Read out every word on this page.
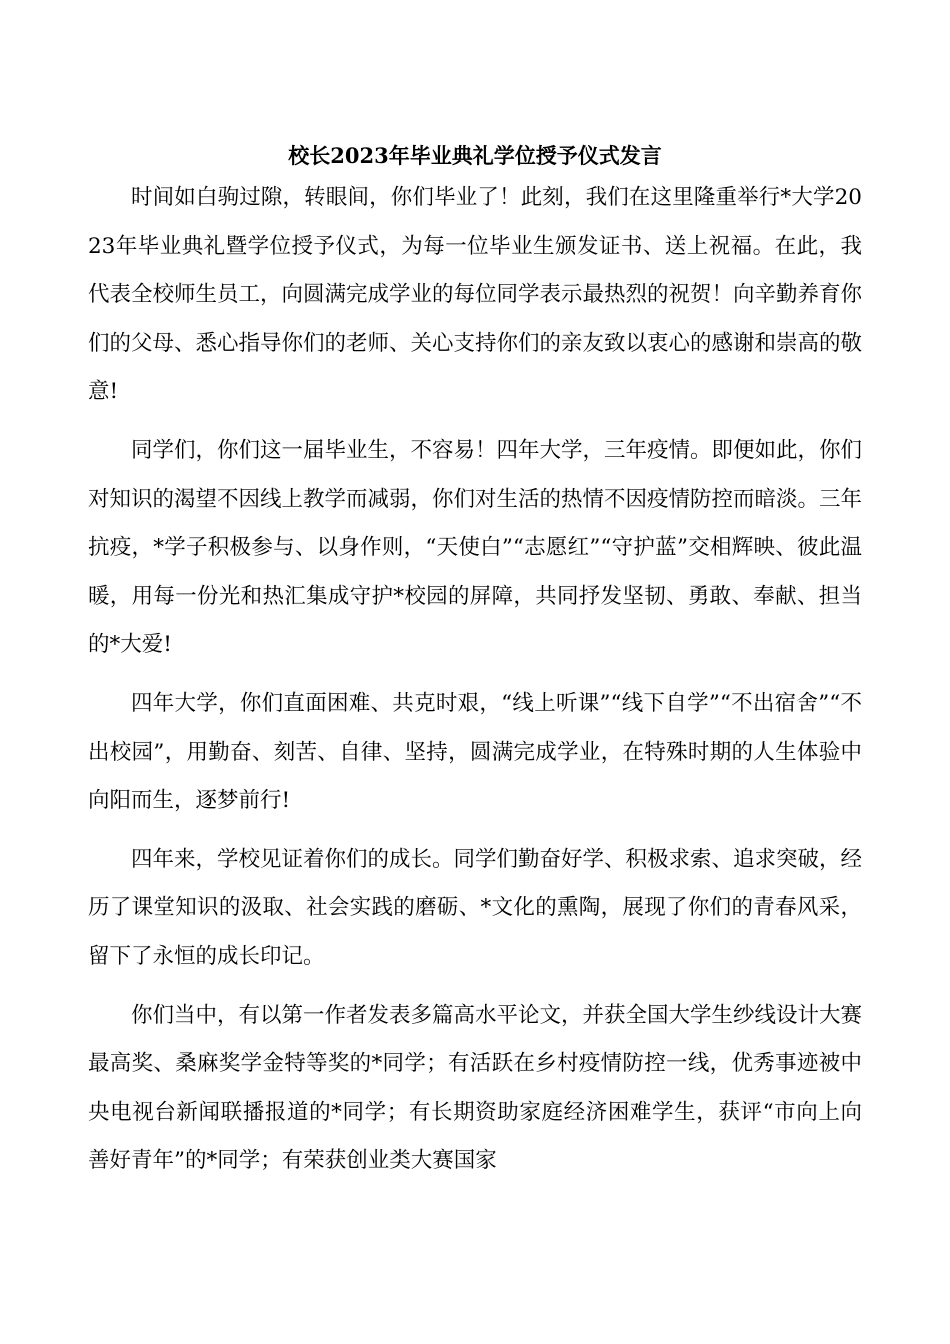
校长2023年毕业典礼学位授予仪式发言

时间如白驹过隙，转眼间，你们毕业了！此刻，我们在这里隆重举行*大学2023年毕业典礼暨学位授予仪式，为每一位毕业生颁发证书、送上祝福。在此，我代表全校师生员工，向圆满完成学业的每位同学表示最热烈的祝贺！向辛勤养育你们的父母、悉心指导你们的老师、关心支持你们的亲友致以衷心的感谢和崇高的敬意!

同学们，你们这一届毕业生，不容易！四年大学，三年疫情。即便如此，你们对知识的渴望不因线上教学而减弱，你们对生活的热情不因疫情防控而暗淡。三年抗疫，*学子积极参与、以身作则，“天使白”“志愿红”“守护蓝”交相辉映、彼此温暖，用每一份光和热汇集成守护*校园的屏障，共同抒发坚韧、勇敢、奉献、担当的*大爱!

四年大学，你们直面困难、共克时艰，“线上听课”“线下自学”“不出宿舍”“不出校园”，用勤奋、刻苦、自律、坚持，圆满完成学业，在特殊时期的人生体验中向阳而生，逐梦前行!

四年来，学校见证着你们的成长。同学们勤奋好学、积极求索、追求突破，经历了课堂知识的汲取、社会实践的磨砺、*文化的熏陶，展现了你们的青春风采，留下了永恒的成长印记。

你们当中，有以第一作者发表多篇高水平论文，并获全国大学生纱线设计大赛最高奖、桑麻奖学金特等奖的*同学；有活跃在乡村疫情防控一线，优秀事迹被中央电视台新闻联播报道的*同学；有长期资助家庭经济困难学生，获评“市向上向善好青年”的*同学；有荣获创业类大赛国家
